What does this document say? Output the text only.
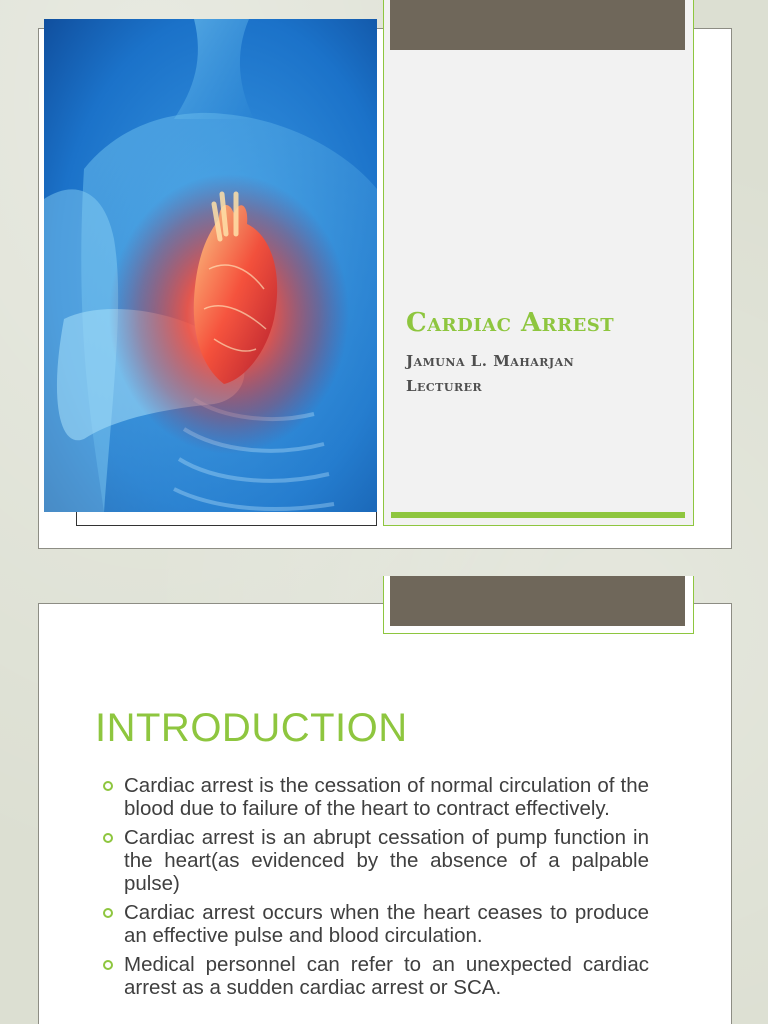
Cardiac Arrest
Jamuna L. Maharjan
Lecturer
INTRODUCTION
Cardiac arrest is the cessation of normal circulation of the blood due to failure of the heart to contract effectively.
Cardiac arrest is an abrupt cessation of pump function in the heart(as evidenced by the absence of a palpable pulse)
Cardiac arrest occurs when the heart ceases to produce an effective pulse and blood circulation.
Medical personnel can refer to an unexpected cardiac arrest as a sudden cardiac arrest or SCA.
